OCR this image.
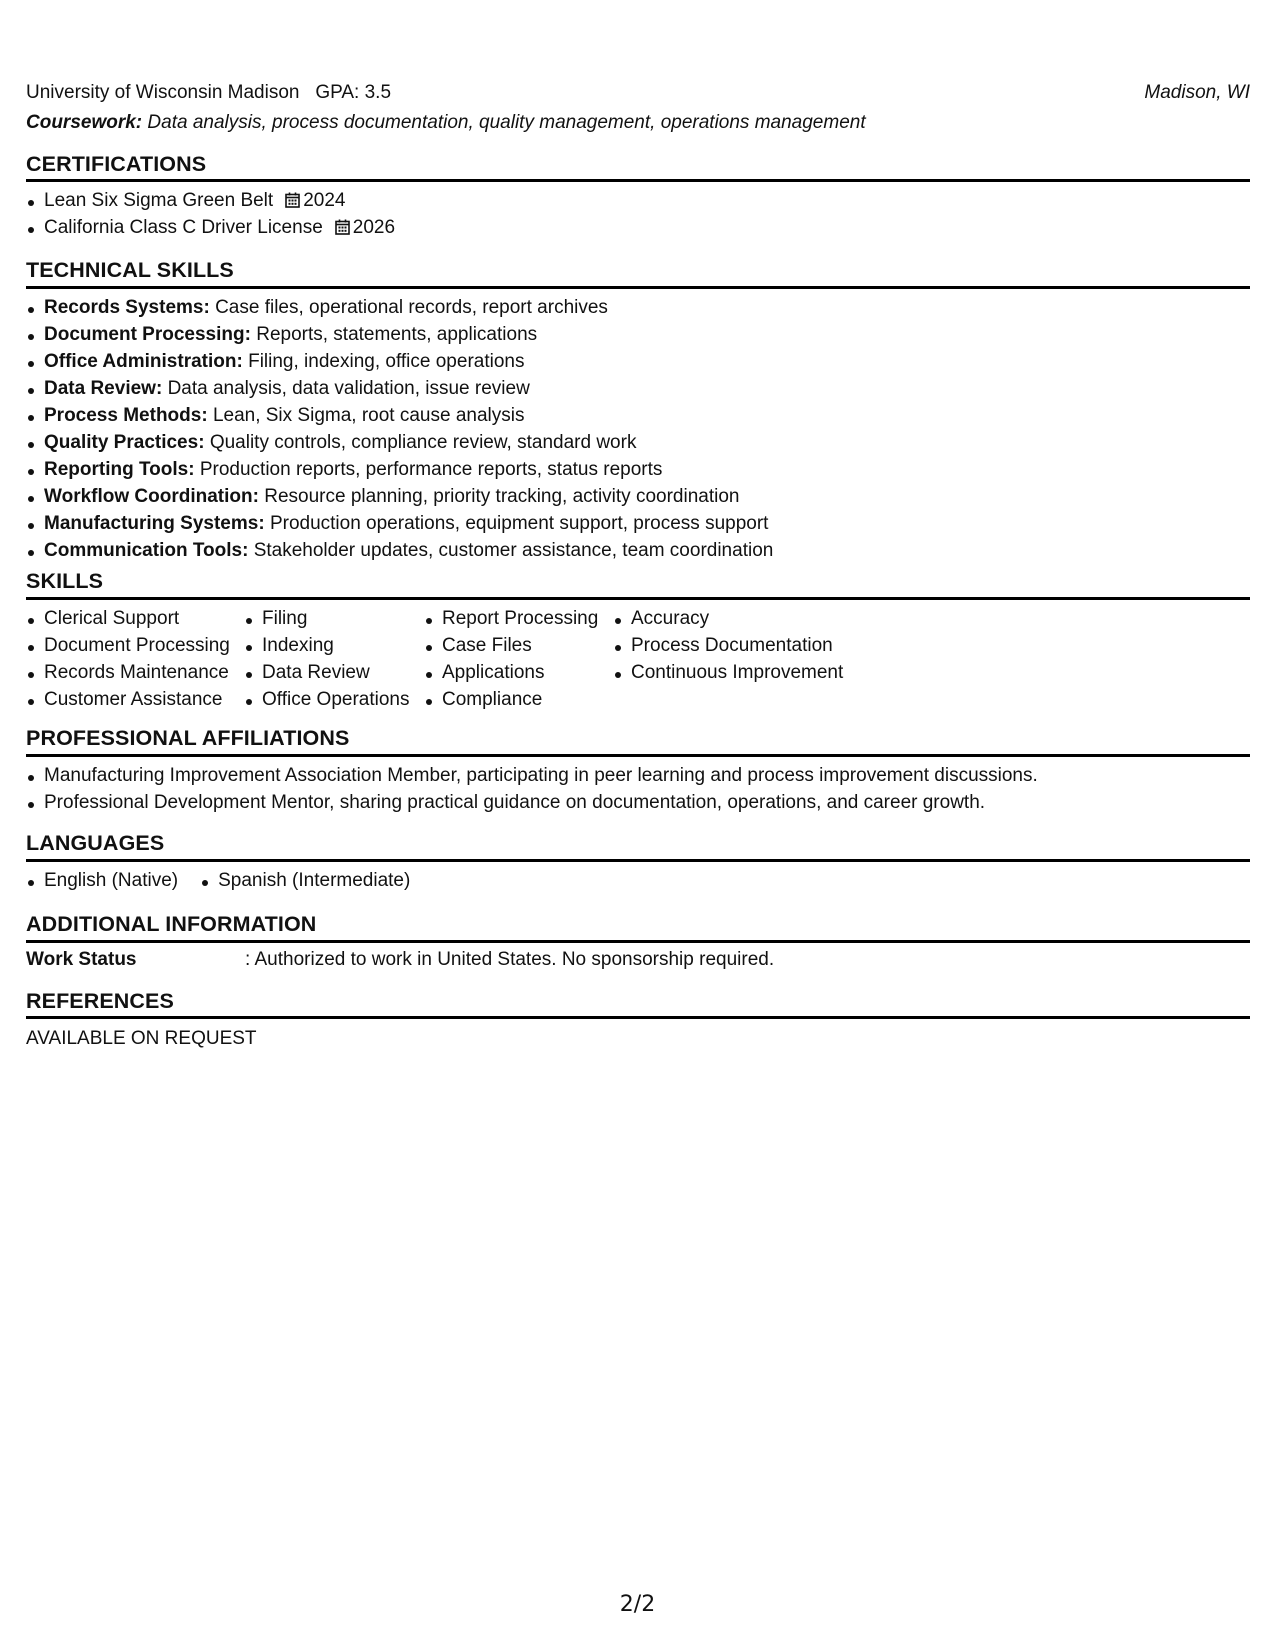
University of Wisconsin Madison GPA: 3.5	Madison, WI
Coursework: Data analysis, process documentation, quality management, operations management
CERTIFICATIONS
Lean Six Sigma Green Belt 2024
California Class C Driver License 2026
TECHNICAL SKILLS
Records Systems: Case files, operational records, report archives
Document Processing: Reports, statements, applications
Office Administration: Filing, indexing, office operations
Data Review: Data analysis, data validation, issue review
Process Methods: Lean, Six Sigma, root cause analysis
Quality Practices: Quality controls, compliance review, standard work
Reporting Tools: Production reports, performance reports, status reports
Workflow Coordination: Resource planning, priority tracking, activity coordination
Manufacturing Systems: Production operations, equipment support, process support
Communication Tools: Stakeholder updates, customer assistance, team coordination
SKILLS
Clerical Support
Document Processing
Records Maintenance
Customer Assistance
Filing
Indexing
Data Review
Office Operations
Report Processing
Case Files
Applications
Compliance
Accuracy
Process Documentation
Continuous Improvement
PROFESSIONAL AFFILIATIONS
Manufacturing Improvement Association Member, participating in peer learning and process improvement discussions.
Professional Development Mentor, sharing practical guidance on documentation, operations, and career growth.
LANGUAGES
English (Native) Spanish (Intermediate)
ADDITIONAL INFORMATION
Work Status	: Authorized to work in United States. No sponsorship required.
REFERENCES
AVAILABLE ON REQUEST
2/2
